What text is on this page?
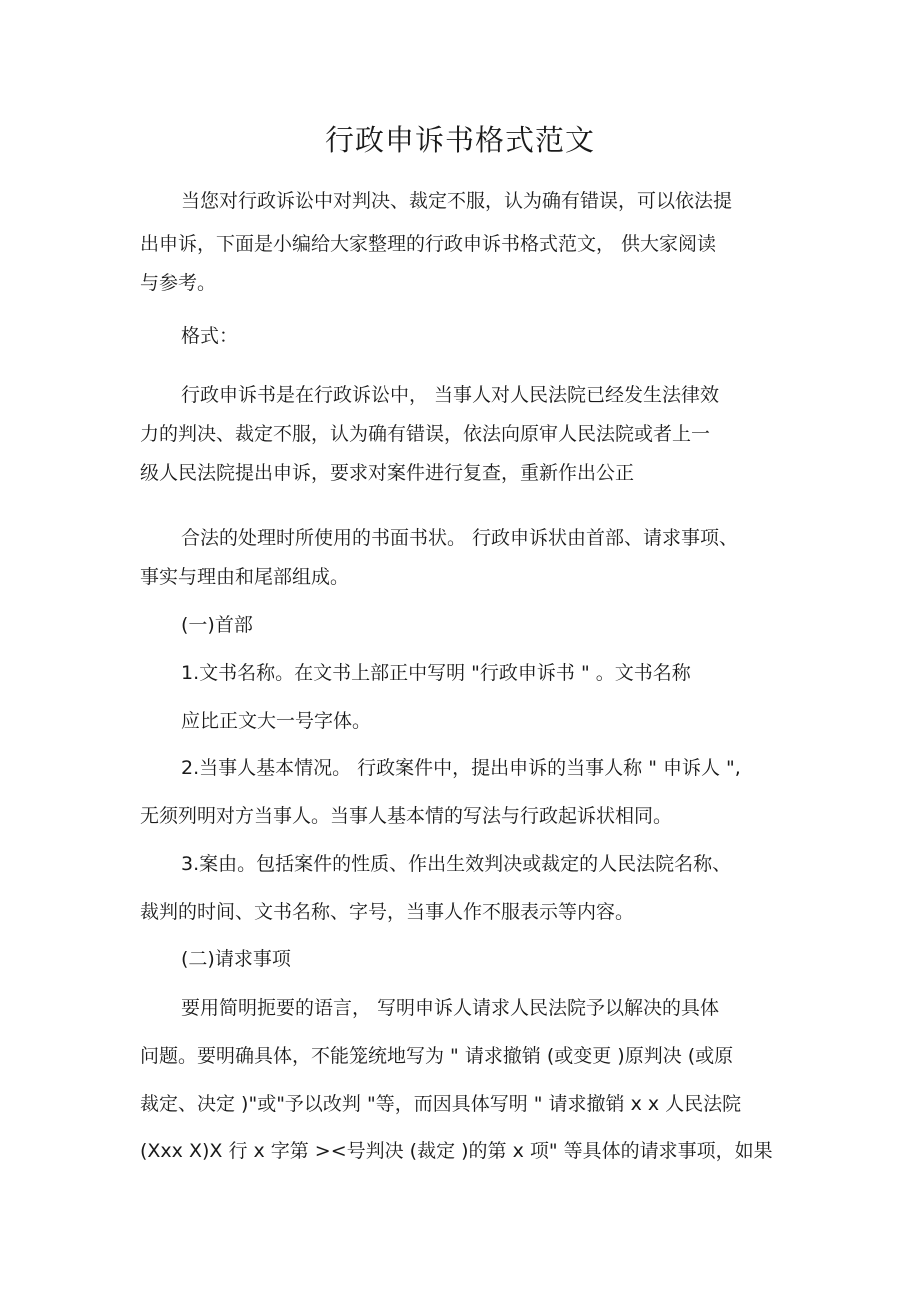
行政申诉书格式范文
当您对行政诉讼中对判决、裁定不服，认为确有错误，可以依法提
出申诉，下面是小编给大家整理的行政申诉书格式范文， 供大家阅读
与参考。
格式：
行政申诉书是在行政诉讼中， 当事人对人民法院已经发生法律效
力的判决、裁定不服，认为确有错误，依法向原审人民法院或者上一
级人民法院提出申诉，要求对案件进行复查，重新作出公正
合法的处理时所使用的书面书状。 行政申诉状由首部、请求事项、
事实与理由和尾部组成。
(一)首部
1.文书名称。在文书上部正中写明 "行政申诉书 " 。文书名称
应比正文大一号字体。
2.当事人基本情况。 行政案件中，提出申诉的当事人称 " 申诉人 ",
无须列明对方当事人。当事人基本情的写法与行政起诉状相同。
3.案由。包括案件的性质、作出生效判决或裁定的人民法院名称、
裁判的时间、文书名称、字号，当事人作不服表示等内容。
(二)请求事项
要用简明扼要的语言， 写明申诉人请求人民法院予以解决的具体
问题。要明确具体，不能笼统地写为 " 请求撤销 (或变更 )原判决 (或原
裁定、决定 )"或"予以改判 "等，而因具体写明 " 请求撤销 x x 人民法院
(Xxx X)X 行 x 字第 ><号判决 (裁定 )的第 x 项" 等具体的请求事项，如果
